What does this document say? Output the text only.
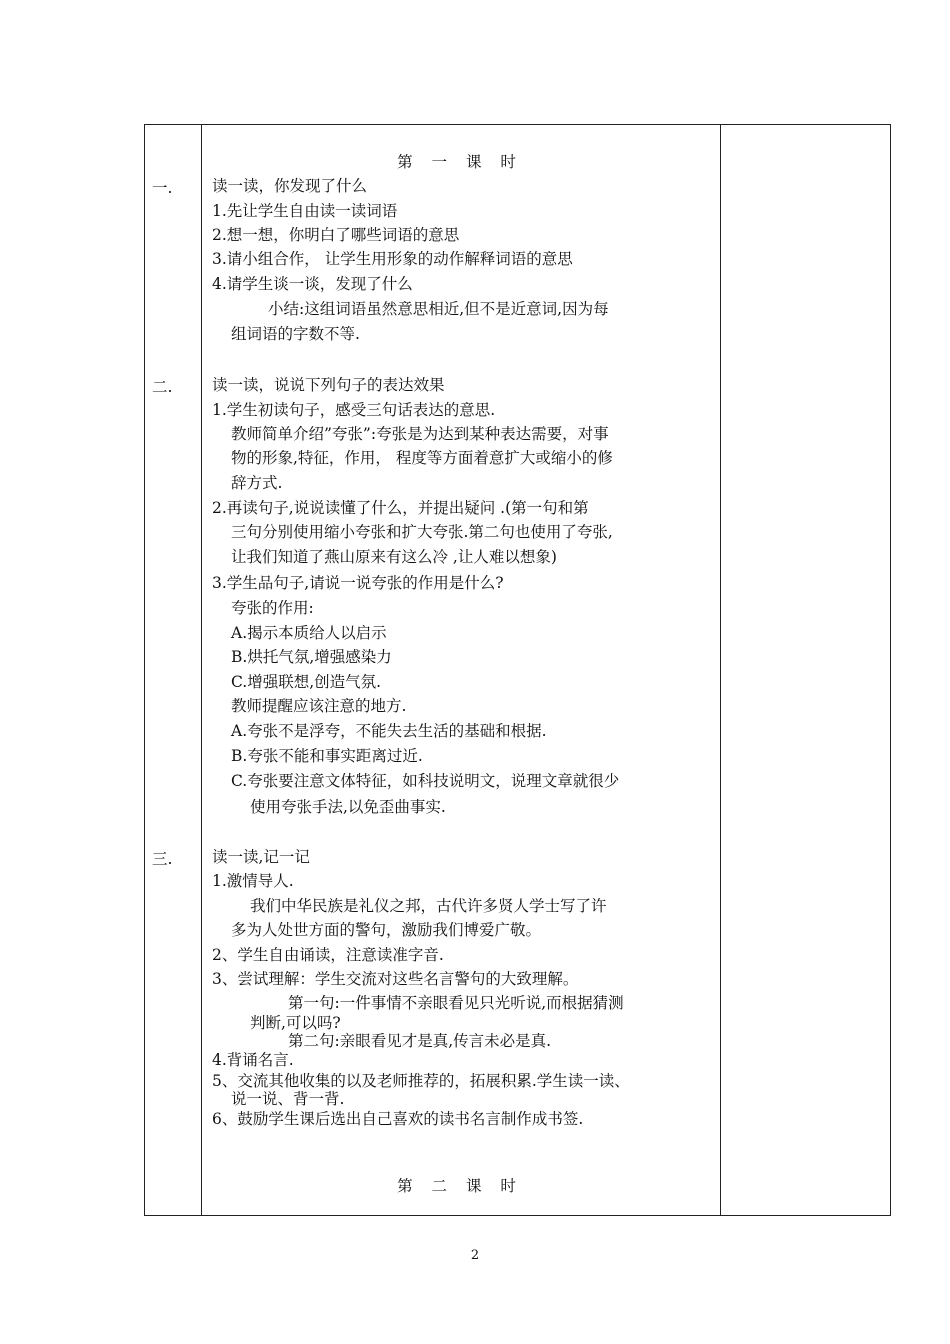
第 一 课 时
一.	读一读，你发现了什么
1.先让学生自由读一读词语
2.想一想，你明白了哪些词语的意思
3.请小组合作， 让学生用形象的动作解释词语的意思
4.请学生谈一谈，发现了什么
小结:这组词语虽然意思相近,但不是近意词,因为每
组词语的字数不等.
二.	读一读，说说下列句子的表达效果
1.学生初读句子，感受三句话表达的意思.
教师简单介绍”夸张”:夸张是为达到某种表达需要，对事
物的形象,特征，作用， 程度等方面着意扩大或缩小的修
辞方式.
2.再读句子,说说读懂了什么，并提出疑问 .(第一句和第
三句分别使用缩小夸张和扩大夸张.第二句也使用了夸张,
让我们知道了燕山原来有这么冷 ,让人难以想象)
3.学生品句子,请说一说夸张的作用是什么?
夸张的作用:
A.揭示本质给人以启示
B.烘托气氛,增强感染力
C.增强联想,创造气氛.
教师提醒应该注意的地方.
A.夸张不是浮夸，不能失去生活的基础和根据.
B.夸张不能和事实距离过近.
C.夸张要注意文体特征，如科技说明文，说理文章就很少
使用夸张手法,以免歪曲事实.
三.	读一读,记一记
1.激情导人.
我们中华民族是礼仪之邦，古代许多贤人学士写了许
多为人处世方面的警句，激励我们博爱广敬。
2、学生自由诵读，注意读准字音.
3、尝试理解：学生交流对这些名言警句的大致理解。
第一句:一件事情不亲眼看见只光听说,而根据猜测
判断,可以吗?
第二句:亲眼看见才是真,传言未必是真.
4.背诵名言.
5、交流其他收集的以及老师推荐的，拓展积累.学生读一读、
说一说、背一背.
6、鼓励学生课后选出自己喜欢的读书名言制作成书签.
第 二 课 时
2
